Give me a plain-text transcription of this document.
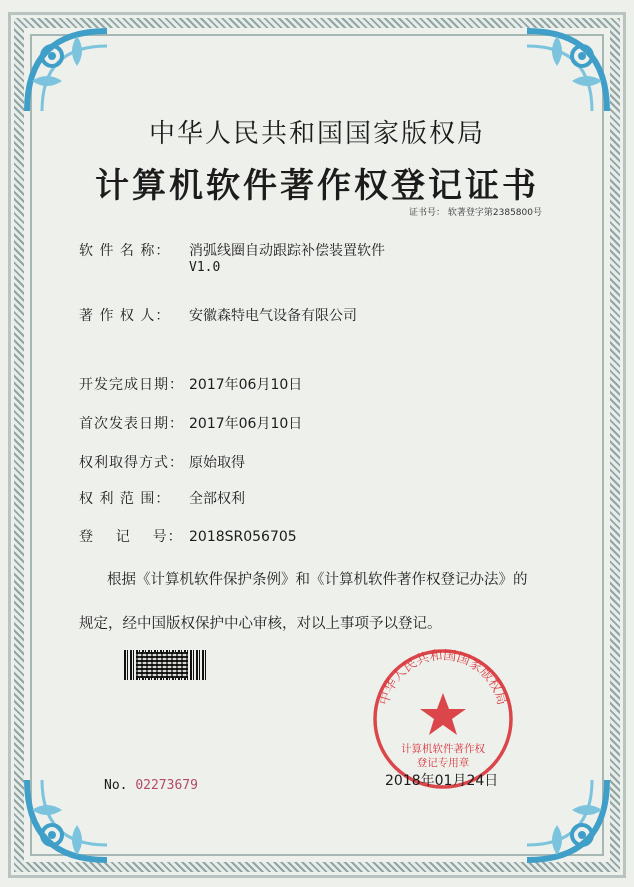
中华人民共和国国家版权局
计算机软件著作权登记证书
证书号： 软著登字第2385800号
软 件 名 称： 消弧线圈自动跟踪补偿装置软件
V1.0
著 作 权 人： 安徽森特电气设备有限公司
开发完成日期： 2017年06月10日
首次发表日期： 2017年06月10日
权利取得方式： 原始取得
权 利 范 围： 全部权利
登    记    号： 2018SR056705
根据《计算机软件保护条例》和《计算机软件著作权登记办法》的
规定，经中国版权保护中心审核，对以上事项予以登记。
No. 02273679
中华人民共和国国家版权局
计算机软件著作权
登记专用章
2018年01月24日
